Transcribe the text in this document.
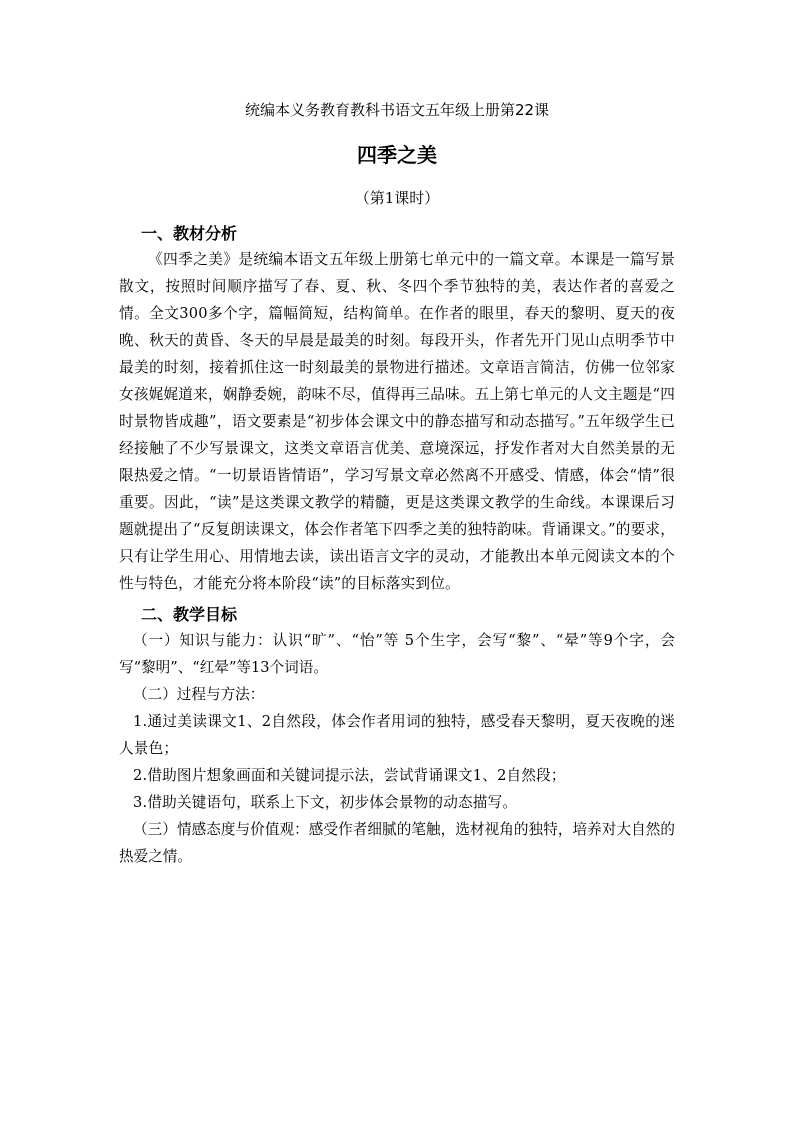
统编本义务教育教科书语文五年级上册第22课

四季之美

（第1课时）

一、教材分析

《四季之美》是统编本语文五年级上册第七单元中的一篇文章。本课是一篇写景散文，按照时间顺序描写了春、夏、秋、冬四个季节独特的美，表达作者的喜爱之情。全文300多个字，篇幅简短，结构简单。在作者的眼里，春天的黎明、夏天的夜晚、秋天的黄昏、冬天的早晨是最美的时刻。每段开头，作者先开门见山点明季节中最美的时刻，接着抓住这一时刻最美的景物进行描述。文章语言简洁，仿佛一位邻家女孩娓娓道来，娴静委婉，韵味不尽，值得再三品味。五上第七单元的人文主题是“四时景物皆成趣”，语文要素是“初步体会课文中的静态描写和动态描写。”五年级学生已经接触了不少写景课文，这类文章语言优美、意境深远，抒发作者对大自然美景的无限热爱之情。“一切景语皆情语”，学习写景文章必然离不开感受、情感，体会“情”很重要。因此，“读”是这类课文教学的精髓，更是这类课文教学的生命线。本课课后习题就提出了“反复朗读课文，体会作者笔下四季之美的独特韵味。背诵课文。”的要求，只有让学生用心、用情地去读，读出语言文字的灵动，才能教出本单元阅读文本的个性与特色，才能充分将本阶段“读”的目标落实到位。

二、教学目标

（一）知识与能力：认识“旷”、“怡”等 5个生字，会写“黎”、“晕”等9个字，会写“黎明”、“红晕”等13个词语。

（二）过程与方法：

1.通过美读课文1、2自然段，体会作者用词的独特，感受春天黎明，夏天夜晚的迷人景色；

2.借助图片想象画面和关键词提示法，尝试背诵课文1、2自然段；

3.借助关键语句，联系上下文，初步体会景物的动态描写。

（三）情感态度与价值观：感受作者细腻的笔触，选材视角的独特，培养对大自然的热爱之情。
